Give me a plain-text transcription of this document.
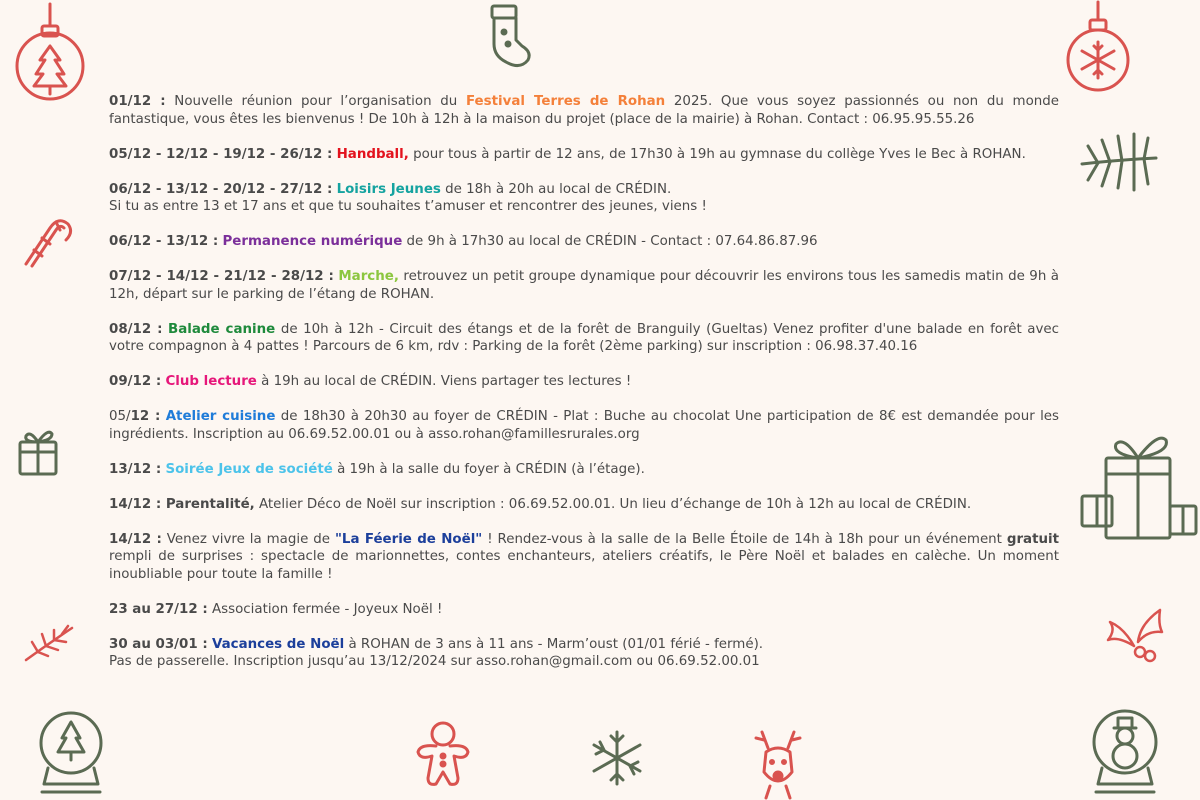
01/12 : Nouvelle réunion pour l’organisation du Festival Terres de Rohan 2025. Que vous soyez passionnés ou non du monde fantastique, vous êtes les bienvenus ! De 10h à 12h à la maison du projet (place de la mairie) à Rohan. Contact : 06.95.95.55.26
05/12 - 12/12 - 19/12 - 26/12 : Handball, pour tous à partir de 12 ans, de 17h30 à 19h au gymnase du collège Yves le Bec à ROHAN.
06/12 - 13/12 - 20/12 - 27/12 : Loisirs Jeunes de 18h à 20h au local de CRÉDIN.
Si tu as entre 13 et 17 ans et que tu souhaites t’amuser et rencontrer des jeunes, viens !
06/12 - 13/12 : Permanence numérique de 9h à 17h30 au local de CRÉDIN - Contact : 07.64.86.87.96
07/12 - 14/12 - 21/12 - 28/12 : Marche, retrouvez un petit groupe dynamique pour découvrir les environs tous les samedis matin de 9h à 12h, départ sur le parking de l’étang de ROHAN.
08/12 : Balade canine de 10h à 12h - Circuit des étangs et de la forêt de Branguily (Gueltas) Venez profiter d'une balade en forêt avec votre compagnon à 4 pattes ! Parcours de 6 km, rdv : Parking de la forêt (2ème parking) sur inscription : 06.98.37.40.16
09/12 : Club lecture à 19h au local de CRÉDIN. Viens partager tes lectures !
05/12 : Atelier cuisine de 18h30 à 20h30 au foyer de CRÉDIN - Plat : Buche au chocolat Une participation de 8€ est demandée pour les ingrédients. Inscription au 06.69.52.00.01 ou à asso.rohan@famillesrurales.org
13/12 : Soirée Jeux de société à 19h à la salle du foyer à CRÉDIN (à l’étage).
14/12 : Parentalité, Atelier Déco de Noël sur inscription : 06.69.52.00.01. Un lieu d’échange de 10h à 12h au local de CRÉDIN.
14/12 : Venez vivre la magie de "La Féerie de Noël" ! Rendez-vous à la salle de la Belle Étoile de 14h à 18h pour un événement gratuit rempli de surprises : spectacle de marionnettes, contes enchanteurs, ateliers créatifs, le Père Noël et balades en calèche. Un moment inoubliable pour toute la famille !
23 au 27/12 : Association fermée - Joyeux Noël !
30 au 03/01 : Vacances de Noël à ROHAN de 3 ans à 11 ans - Marm’oust (01/01 férié - fermé).
Pas de passerelle. Inscription jusqu’au 13/12/2024 sur asso.rohan@gmail.com ou 06.69.52.00.01
